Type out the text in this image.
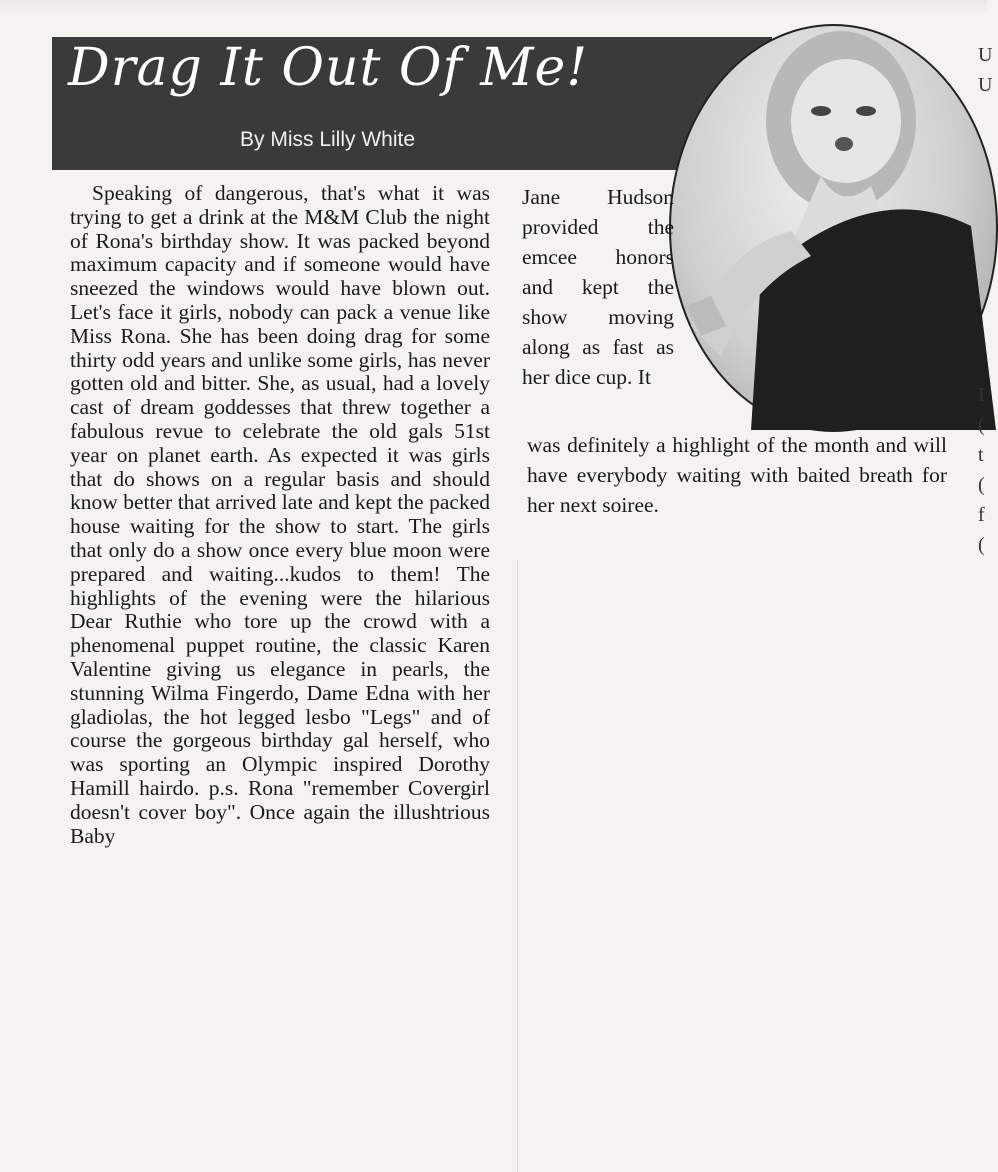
Drag It Out Of Me!
By Miss Lilly White
Speaking of dangerous, that's what it was trying to get a drink at the M&M Club the night of Rona's birthday show. It was packed beyond maximum capacity and if someone would have sneezed the windows would have blown out. Let's face it girls, nobody can pack a venue like Miss Rona. She has been doing drag for some thirty odd years and unlike some girls, has never gotten old and bitter. She, as usual, had a lovely cast of dream goddesses that threw together a fabulous revue to celebrate the old gals 51st year on planet earth. As expected it was girls that do shows on a regular basis and should know better that arrived late and kept the packed house waiting for the show to start. The girls that only do a show once every blue moon were prepared and waiting...kudos to them! The highlights of the evening were the hilarious Dear Ruthie who tore up the crowd with a phenomenal puppet routine, the classic Karen Valentine giving us elegance in pearls, the stunning Wilma Fingerdo, Dame Edna with her gladiolas, the hot legged lesbo "Legs" and of course the gorgeous birthday gal herself, who was sporting an Olympic inspired Dorothy Hamill hairdo. p.s. Rona "remember Covergirl doesn't cover boy". Once again the illushtrious Baby
Jane Hudson provided the emcee honors and kept the show moving along as fast as her dice cup. It
was definitely a highlight of the month and will have everybody waiting with baited breath for her next soiree.
U
U
I
(
t
(
f
(
